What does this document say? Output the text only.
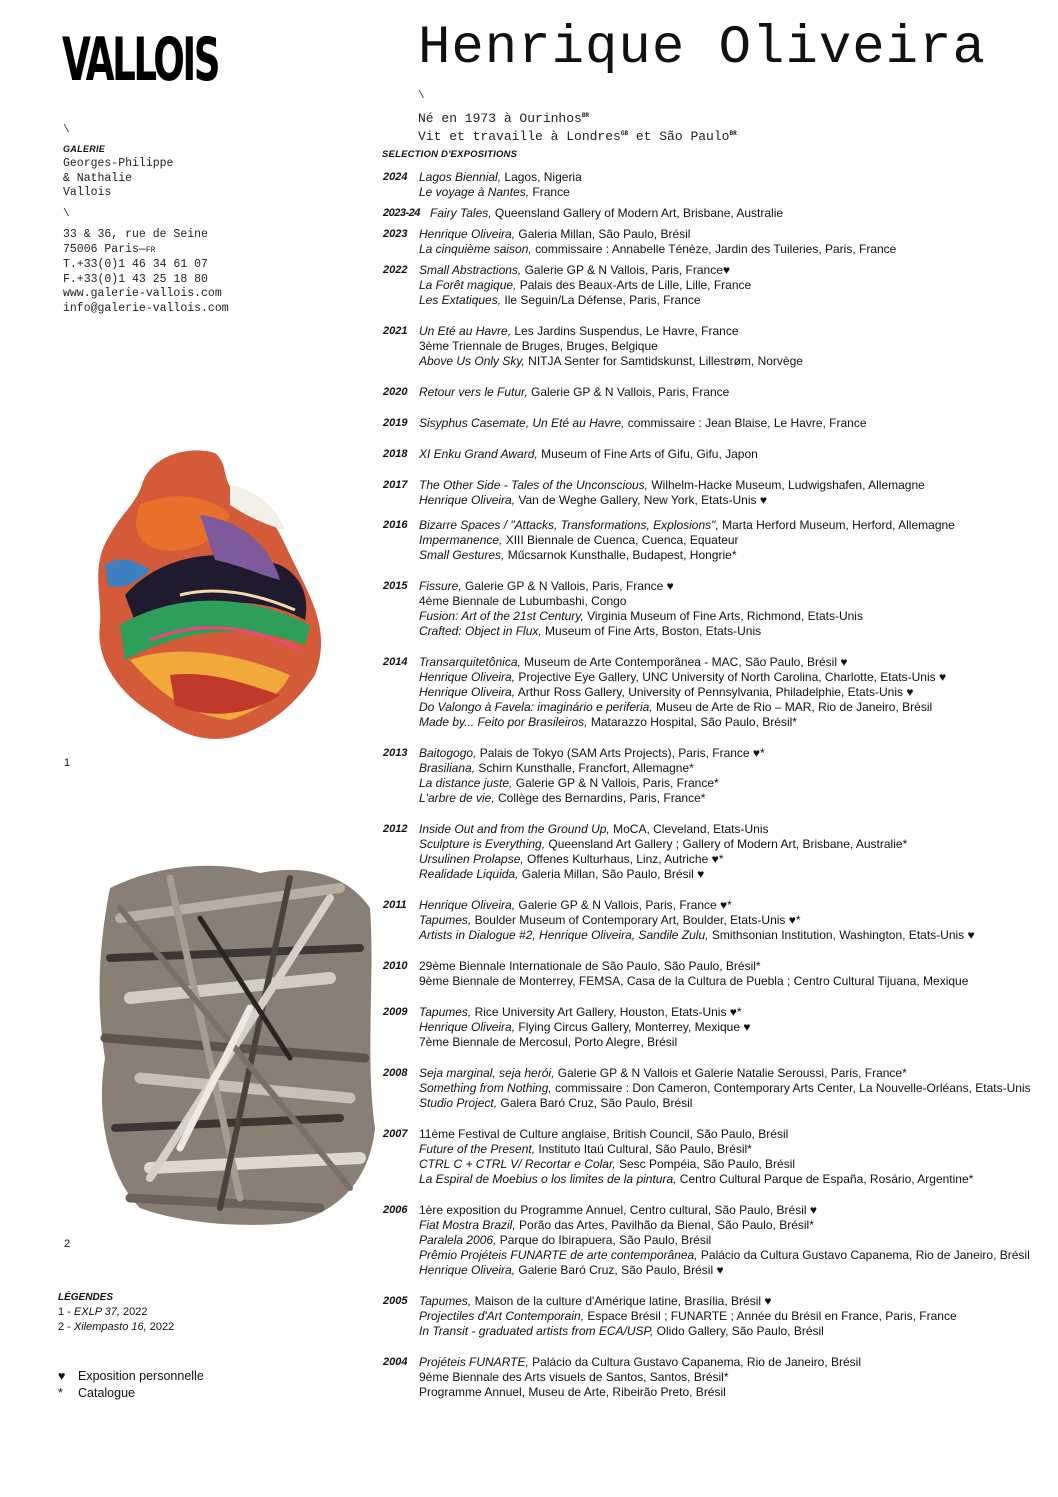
VALLOIS	Henrique Oliveira
\
Né en 1973 à Ourinhos$^{BR}$
Vit et travaille à Londres$^{GB}$ et São Paulo$^{BR}$
\
GALERIE
Georges-Philippe
& Nathalie
Vallois
\
33 & 36, rue de Seine
75006 Paris—FR
T.+33(0)1 46 34 61 07
F.+33(0)1 43 25 18 80
www.galerie-vallois.com
info@galerie-vallois.com
1
2
SELECTION D'EXPOSITIONS
2024 Lagos Biennial, Lagos, Nigeria
Le voyage à Nantes, France
2023-24 Fairy Tales, Queensland Gallery of Modern Art, Brisbane, Australie
2023 Henrique Oliveira, Galeria Millan, São Paulo, Brésil
La cinquième saison, commissaire : Annabelle Ténèze, Jardin des Tuileries, Paris, France
2022 Small Abstractions, Galerie GP & N Vallois, Paris, France♥
La Forêt magique, Palais des Beaux-Arts de Lille, Lille, France
Les Extatiques, Ile Seguin/La Défense, Paris, France
2021 Un Eté au Havre, Les Jardins Suspendus, Le Havre, France
3ème Triennale de Bruges, Bruges, Belgique
Above Us Only Sky, NITJA Senter for Samtidskunst, Lillestrøm, Norvège
2020 Retour vers le Futur, Galerie GP & N Vallois, Paris, France
2019 Sisyphus Casemate, Un Eté au Havre, commissaire : Jean Blaise, Le Havre, France
2018 XI Enku Grand Award, Museum of Fine Arts of Gifu, Gifu, Japon
2017 The Other Side - Tales of the Unconscious, Wilhelm-Hacke Museum, Ludwigshafen, Allemagne
Henrique Oliveira, Van de Weghe Gallery, New York, Etats-Unis ♥
2016 Bizarre Spaces / "Attacks, Transformations, Explosions", Marta Herford Museum, Herford, Allemagne
Impermanence, XIII Biennale de Cuenca, Cuenca, Equateur
Small Gestures, Műcsarnok Kunsthalle, Budapest, Hongrie*
2015 Fissure, Galerie GP & N Vallois, Paris, France ♥
4ème Biennale de Lubumbashi, Congo
Fusion: Art of the 21st Century, Virginia Museum of Fine Arts, Richmond, Etats-Unis
Crafted: Object in Flux, Museum of Fine Arts, Boston, Etats-Unis
2014 Transarquitetônica, Museum de Arte Contemporânea - MAC, São Paulo, Brésil ♥
Henrique Oliveira, Projective Eye Gallery, UNC University of North Carolina, Charlotte, Etats-Unis ♥
Henrique Oliveira, Arthur Ross Gallery, University of Pennsylvania, Philadelphie, Etats-Unis ♥
Do Valongo à Favela: imaginário e periferia, Museu de Arte de Rio – MAR, Rio de Janeiro, Brésil
Made by... Feito por Brasileiros, Matarazzo Hospital, São Paulo, Brésil*
2013 Baitogogo, Palais de Tokyo (SAM Arts Projects), Paris, France ♥*
Brasiliana, Schirn Kunsthalle, Francfort, Allemagne*
La distance juste, Galerie GP & N Vallois, Paris, France*
L'arbre de vie, Collège des Bernardins, Paris, France*
2012 Inside Out and from the Ground Up, MoCA, Cleveland, Etats-Unis
Sculpture is Everything, Queensland Art Gallery ; Gallery of Modern Art, Brisbane, Australie*
Ursulinen Prolapse, Offenes Kulturhaus, Linz, Autriche ♥*
Realidade Liquida, Galeria Millan, São Paulo, Brésil ♥
2011 Henrique Oliveira, Galerie GP & N Vallois, Paris, France ♥*
Tapumes, Boulder Museum of Contemporary Art, Boulder, Etats-Unis ♥*
Artists in Dialogue #2, Henrique Oliveira, Sandile Zulu, Smithsonian Institution, Washington, Etats-Unis ♥
2010 29ème Biennale Internationale de São Paulo, São Paulo, Brésil*
9ème Biennale de Monterrey, FEMSA, Casa de la Cultura de Puebla ; Centro Cultural Tijuana, Mexique
2009 Tapumes, Rice University Art Gallery, Houston, Etats-Unis ♥*
Henrique Oliveira, Flying Circus Gallery, Monterrey, Mexique ♥
7ème Biennale de Mercosul, Porto Alegre, Brésil
2008 Seja marginal, seja herói, Galerie GP & N Vallois et Galerie Natalie Seroussi, Paris, France*
Something from Nothing, commissaire : Don Cameron, Contemporary Arts Center, La Nouvelle-Orléans, Etats-Unis
Studio Project, Galera Baró Cruz, São Paulo, Brésil
2007 11ème Festival de Culture anglaise, British Council, São Paulo, Brésil
Future of the Present, Instituto Itaú Cultural, São Paulo, Brésil*
CTRL C + CTRL V/ Recortar e Colar, Sesc Pompéia, São Paulo, Brésil
La Espiral de Moebius o los limites de la pintura, Centro Cultural Parque de España, Rosário, Argentine*
2006 1ère exposition du Programme Annuel, Centro cultural, São Paulo, Brésil ♥
Fiat Mostra Brazil, Porão das Artes, Pavilhão da Bienal, São Paulo, Brésil*
Paralela 2006, Parque do Ibirapuera, São Paulo, Brésil
Prêmio Projéteis FUNARTE de arte contemporânea, Palácio da Cultura Gustavo Capanema, Rio de Janeiro, Brésil
Henrique Oliveira, Galerie Baró Cruz, São Paulo, Brésil ♥
2005 Tapumes, Maison de la culture d'Amérique latine, Brasília, Brésil ♥
Projectiles d'Art Contemporain, Espace Brésil ; FUNARTE ; Année du Brésil en France, Paris, France
In Transit - graduated artists from ECA/USP, Olido Gallery, São Paulo, Brésil
2004 Projéteis FUNARTE, Palácio da Cultura Gustavo Capanema, Rio de Janeiro, Brésil
9ème Biennale des Arts visuels de Santos, Santos, Brésil*
Programme Annuel, Museu de Arte, Ribeirão Preto, Brésil
LÉGENDES
1 - EXLP 37, 2022
2 - Xilempasto 16, 2022
♥ Exposition personnelle
* Catalogue
